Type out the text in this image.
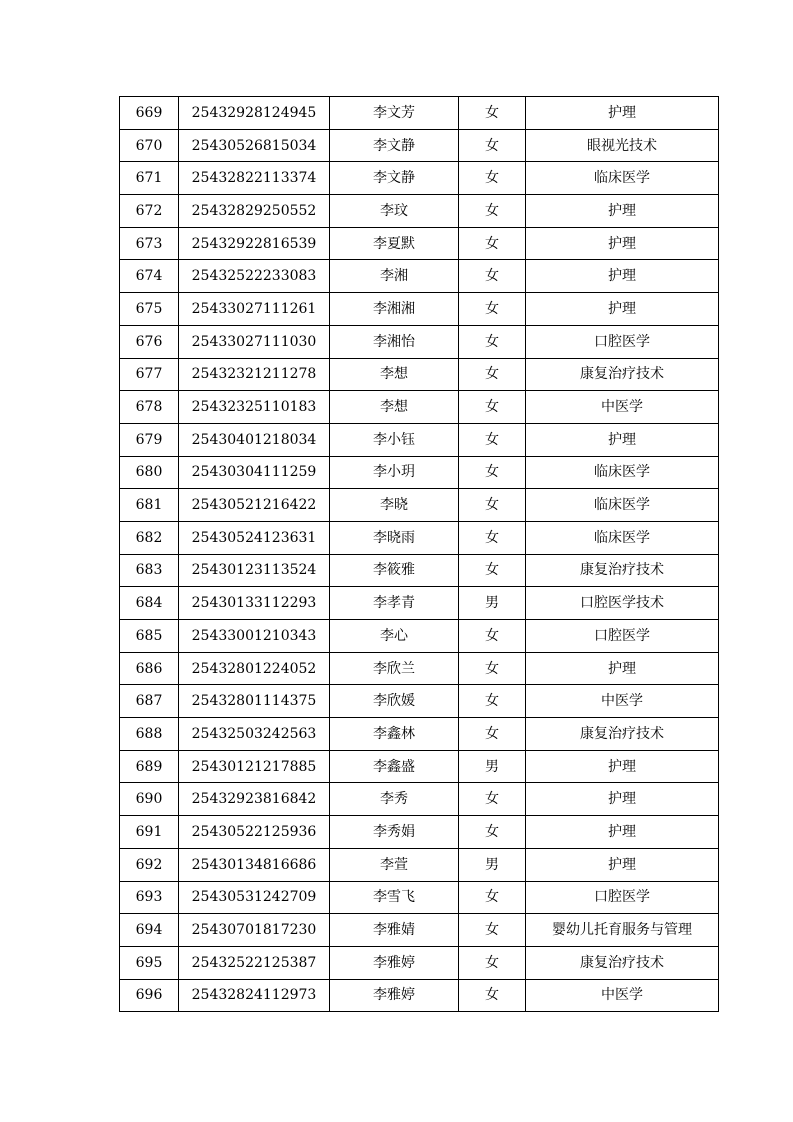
669	25432928124945	李文芳	女	护理
670	25430526815034	李文静	女	眼视光技术
671	25432822113374	李文静	女	临床医学
672	25432829250552	李玟	女	护理
673	25432922816539	李夏默	女	护理
674	25432522233083	李湘	女	护理
675	25433027111261	李湘湘	女	护理
676	25433027111030	李湘怡	女	口腔医学
677	25432321211278	李想	女	康复治疗技术
678	25432325110183	李想	女	中医学
679	25430401218034	李小钰	女	护理
680	25430304111259	李小玥	女	临床医学
681	25430521216422	李晓	女	临床医学
682	25430524123631	李晓雨	女	临床医学
683	25430123113524	李筱雅	女	康复治疗技术
684	25430133112293	李孝青	男	口腔医学技术
685	25433001210343	李心	女	口腔医学
686	25432801224052	李欣兰	女	护理
687	25432801114375	李欣媛	女	中医学
688	25432503242563	李鑫林	女	康复治疗技术
689	25430121217885	李鑫盛	男	护理
690	25432923816842	李秀	女	护理
691	25430522125936	李秀娟	女	护理
692	25430134816686	李萱	男	护理
693	25430531242709	李雪飞	女	口腔医学
694	25430701817230	李雅婧	女	婴幼儿托育服务与管理
695	25432522125387	李雅婷	女	康复治疗技术
696	25432824112973	李雅婷	女	中医学
